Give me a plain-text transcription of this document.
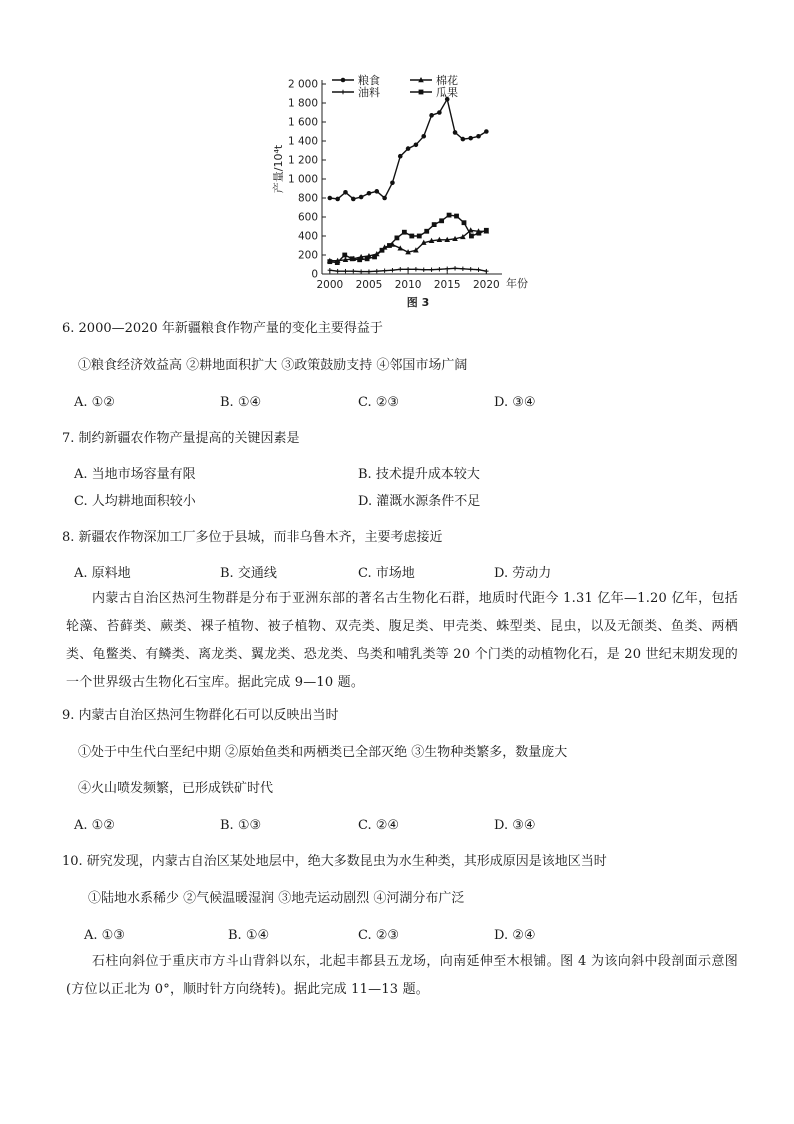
0
200
400
600
800
1 000
1 200
1 400
1 600
1 800
2 000
2000 2005 2010 2015 2020 年份
产量/10⁴t
图 3
粮食	棉花
油料	瓜果
6. 2000—2020 年新疆粮食作物产量的变化主要得益于
①粮食经济效益高 ②耕地面积扩大 ③政策鼓励支持 ④邻国市场广阔
A. ①②	B. ①④	C. ②③	D. ③④
7. 制约新疆农作物产量提高的关键因素是
A. 当地市场容量有限	B. 技术提升成本较大
C. 人均耕地面积较小	D. 灌溉水源条件不足
8. 新疆农作物深加工厂多位于县城，而非乌鲁木齐，主要考虑接近
A. 原料地	B. 交通线	C. 市场地	D. 劳动力
内蒙古自治区热河生物群是分布于亚洲东部的著名古生物化石群，地质时代距今 1.31 亿年—1.20 亿年，包括轮藻、苔藓类、蕨类、裸子植物、被子植物、双壳类、腹足类、甲壳类、蛛型类、昆虫，以及无颌类、鱼类、两栖类、龟鳖类、有鳞类、离龙类、翼龙类、恐龙类、鸟类和哺乳类等 20 个门类的动植物化石，是 20 世纪末期发现的一个世界级古生物化石宝库。据此完成 9—10 题。
9. 内蒙古自治区热河生物群化石可以反映出当时
①处于中生代白垩纪中期 ②原始鱼类和两栖类已全部灭绝 ③生物种类繁多，数量庞大
④火山喷发频繁，已形成铁矿时代
A. ①②	B. ①③	C. ②④	D. ③④
10. 研究发现，内蒙古自治区某处地层中，绝大多数昆虫为水生种类，其形成原因是该地区当时
①陆地水系稀少 ②气候温暖湿润 ③地壳运动剧烈 ④河湖分布广泛
A. ①③	B. ①④	C. ②③	D. ②④
石柱向斜位于重庆市方斗山背斜以东，北起丰都县五龙场，向南延伸至木根铺。图 4 为该向斜中段剖面示意图(方位以正北为 0°，顺时针方向绕转)。据此完成 11—13 题。
